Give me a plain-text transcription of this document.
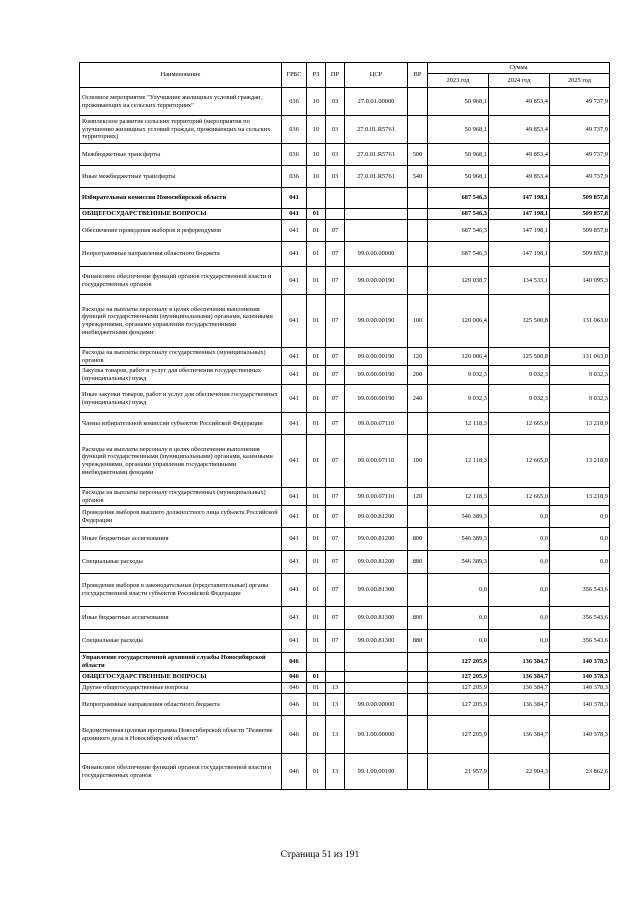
Наименование	ГРБС	РЗ	ПР	ЦСР	ВР	Сумма		
						2023 год	2024 год	2025 год
Основное мероприятие "Улучшение жилищных условий граждан, проживающих на сельских территориях"	036	10	03	27.0.01.00000		50 968,1	49 853,4	49 737,9
Комплексное развитие сельских территорий (мероприятия по улучшению жилищных условий граждан, проживающих на сельских территориях)	036	10	03	27.0.01.R5761		50 968,1	49 853,4	49 737,9
Межбюджетные трансферты	036	10	03	27.0.01.R5761	500	50 968,1	49 853,4	49 737,9
Иные межбюджетные трансферты	036	10	03	27.0.01.R5761	540	50 968,1	49 853,4	49 737,9
Избирательная комиссия Новосибирской области	041					687 546,3	147 198,1	509 857,8
ОБЩЕГОСУДАРСТВЕННЫЕ ВОПРОСЫ	041	01				687 546,3	147 198,1	509 857,8
Обеспечение проведения выборов и референдумов	041	01	07			687 546,3	147 198,1	509 857,8
Непрограммные направления областного бюджета	041	01	07	99.0.00.00000		687 546,3	147 198,1	509 857,8
Финансовое обеспечение функций органов государственной власти и государственных органов	041	01	07	99.0.00.00190		129 038,7	134 533,1	140 095,3
Расходы на выплаты персоналу в целях обеспечения выполнения функций государственными (муниципальными) органами, казенными учреждениями, органами управления государственными внебюджетными фондами	041	01	07	99.0.00.00190	100	120 006,4	125 500,8	131 063,0
Расходы на выплаты персоналу государственных (муниципальных) органов	041	01	07	99.0.00.00190	120	120 006,4	125 500,8	131 063,0
Закупка товаров, работ и услуг для обеспечения государственных (муниципальных) нужд	041	01	07	99.0.00.00190	200	9 032,3	9 032,3	9 032,3
Иные закупки товаров, работ и услуг для обеспечения государственных (муниципальных) нужд	041	01	07	99.0.00.00190	240	9 032,3	9 032,3	9 032,3
Члены избирательной комиссии субъектов Российской Федерации	041	01	07	99.0.00.07110		12 118,3	12 665,0	13 218,9
Расходы на выплаты персоналу в целях обеспечения выполнения функций государственными (муниципальными) органами, казенными учреждениями, органами управления государственными внебюджетными фондами	041	01	07	99.0.00.07110	100	12 118,3	12 665,0	13 218,9
Расходы на выплаты персоналу государственных (муниципальных) органов	041	01	07	99.0.00.07110	120	12 118,3	12 665,0	13 218,9
Проведение выборов высшего должностного лица субъекта Российской Федерации	041	01	07	99.0.00.81200		546 389,3	0,0	0,0
Иные бюджетные ассигнования	041	01	07	99.0.00.81200	800	546 389,3	0,0	0,0
Специальные расходы	041	01	07	99.0.00.81200	880	546 389,3	0,0	0,0
Проведение выборов в законодательные (представительные) органы государственной власти субъектов Российской Федерации	041	01	07	99.0.00.81300		0,0	0,0	356 543,6
Иные бюджетные ассигнования	041	01	07	99.0.00.81300	800	0,0	0,0	356 543,6
Специальные расходы	041	01	07	99.0.00.81300	880	0,0	0,0	356 543,6
Управление государственной архивной службы Новосибирской области	046					127 205,9	136 384,7	140 378,3
ОБЩЕГОСУДАРСТВЕННЫЕ ВОПРОСЫ	046	01				127 205,9	136 384,7	140 378,3
Другие общегосударственные вопросы	046	01	13			127 205,9	136 384,7	140 378,3
Непрограммные направления областного бюджета	046	01	13	99.0.00.00000		127 205,9	136 384,7	140 378,3
Ведомственная целевая программа Новосибирской области "Развитие архивного дела в Новосибирской области"	046	01	13	99.1.00.00000		127 205,9	136 384,7	140 378,3
Финансовое обеспечение функций органов государственной власти и государственных органов	046	01	13	99.1.00.00190		21 957,9	22 904,3	23 862,6
Страница 51 из 191
